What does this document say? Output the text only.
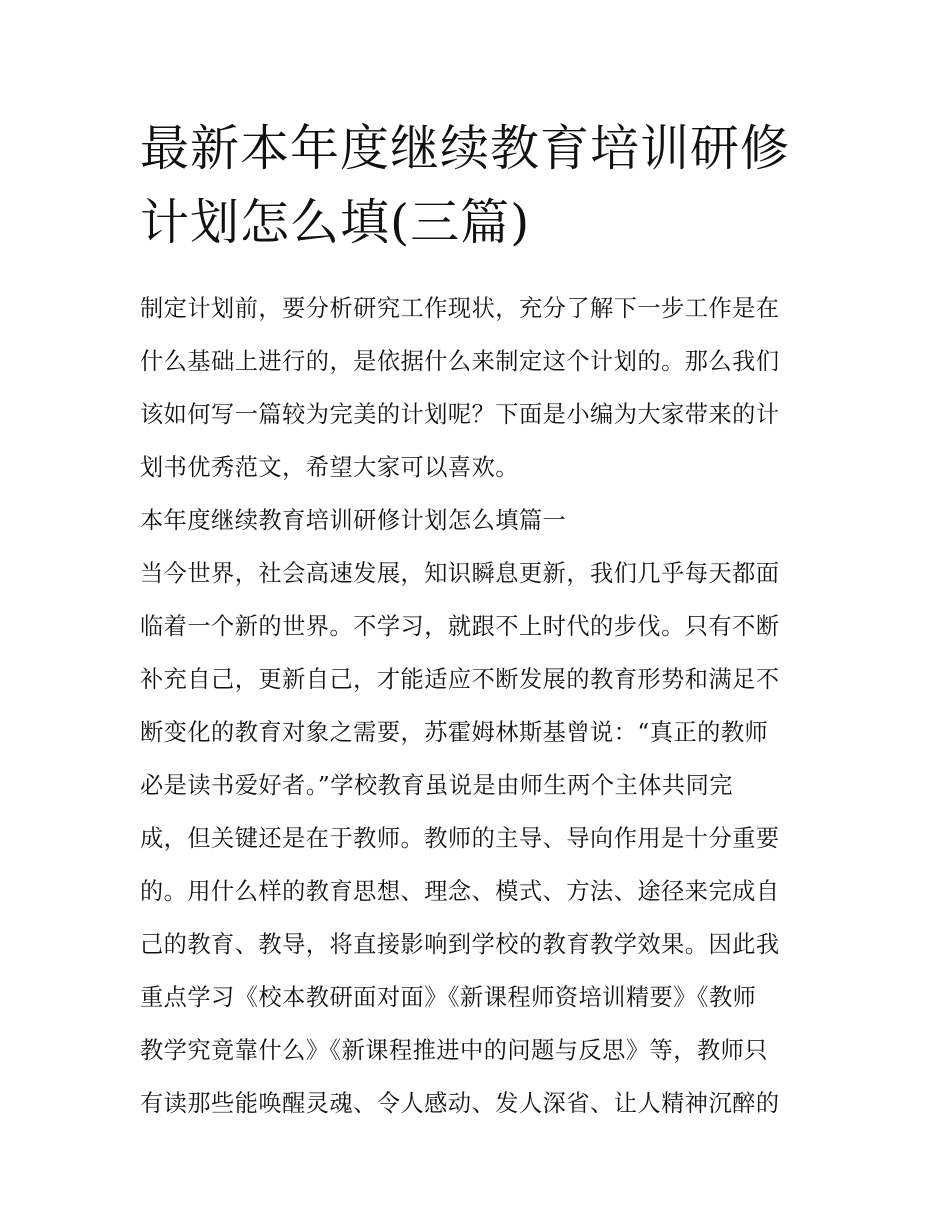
最新本年度继续教育培训研修
计划怎么填(三篇)
制定计划前，要分析研究工作现状，充分了解下一步工作是在
什么基础上进行的，是依据什么来制定这个计划的。那么我们
该如何写一篇较为完美的计划呢？下面是小编为大家带来的计
划书优秀范文，希望大家可以喜欢。
本年度继续教育培训研修计划怎么填篇一
当今世界，社会高速发展，知识瞬息更新，我们几乎每天都面
临着一个新的世界。不学习，就跟不上时代的步伐。只有不断
补充自己，更新自己，才能适应不断发展的教育形势和满足不
断变化的教育对象之需要，苏霍姆林斯基曾说：“真正的教师
必是读书爱好者。”学校教育虽说是由师生两个主体共同完
成，但关键还是在于教师。教师的主导、导向作用是十分重要
的。用什么样的教育思想、理念、模式、方法、途径来完成自
己的教育、教导，将直接影响到学校的教育教学效果。因此我
重点学习《校本教研面对面》《新课程师资培训精要》《教师
教学究竟靠什么》《新课程推进中的问题与反思》等，教师只
有读那些能唤醒灵魂、令人感动、发人深省、让人精神沉醉的
